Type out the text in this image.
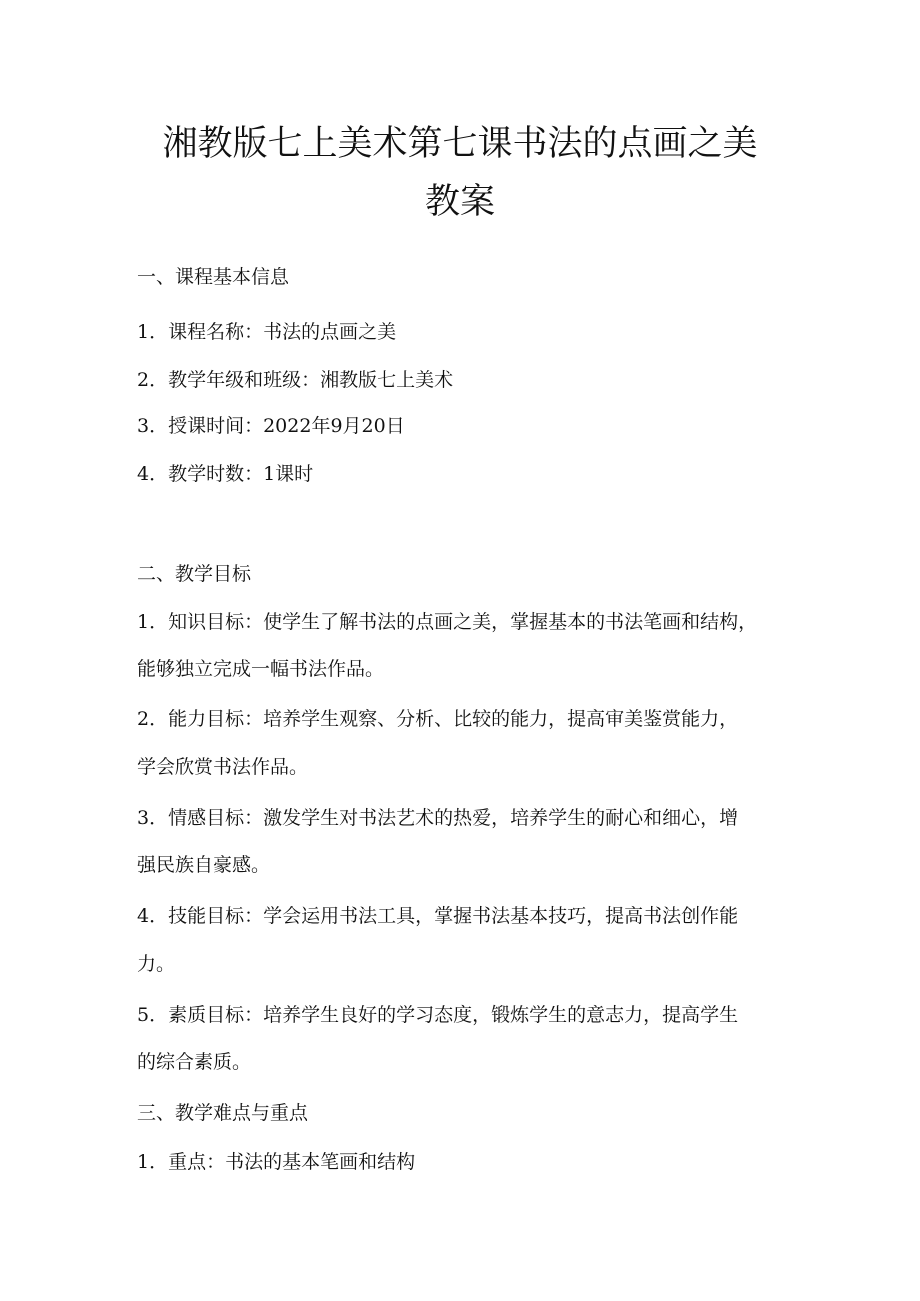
湘教版七上美术第七课书法的点画之美
教案
一、课程基本信息
1．课程名称：书法的点画之美
2．教学年级和班级：湘教版七上美术
3．授课时间：2022年9月20日
4．教学时数：1课时
二、教学目标
1．知识目标：使学生了解书法的点画之美，掌握基本的书法笔画和结构，
能够独立完成一幅书法作品。
2．能力目标：培养学生观察、分析、比较的能力，提高审美鉴赏能力，
学会欣赏书法作品。
3．情感目标：激发学生对书法艺术的热爱，培养学生的耐心和细心，增
强民族自豪感。
4．技能目标：学会运用书法工具，掌握书法基本技巧，提高书法创作能
力。
5．素质目标：培养学生良好的学习态度，锻炼学生的意志力，提高学生
的综合素质。
三、教学难点与重点
1．重点：书法的基本笔画和结构
